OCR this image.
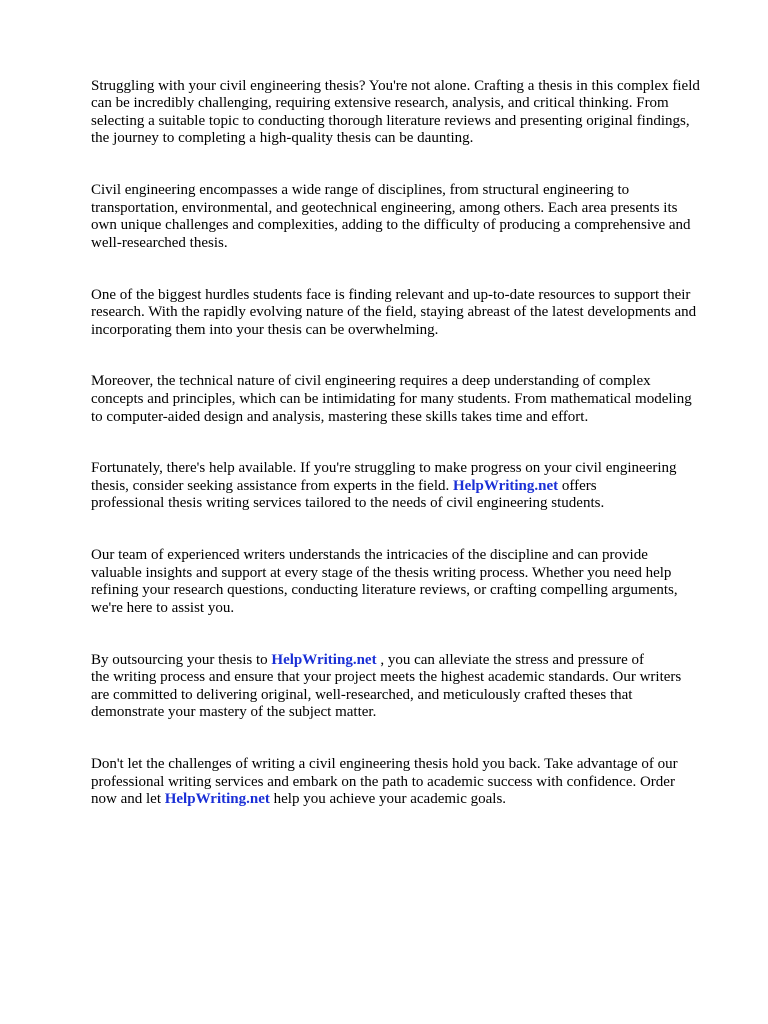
Struggling with your civil engineering thesis? You're not alone. Crafting a thesis in this complex field
can be incredibly challenging, requiring extensive research, analysis, and critical thinking. From
selecting a suitable topic to conducting thorough literature reviews and presenting original findings,
the journey to completing a high-quality thesis can be daunting.

Civil engineering encompasses a wide range of disciplines, from structural engineering to
transportation, environmental, and geotechnical engineering, among others. Each area presents its
own unique challenges and complexities, adding to the difficulty of producing a comprehensive and
well-researched thesis.

One of the biggest hurdles students face is finding relevant and up-to-date resources to support their
research. With the rapidly evolving nature of the field, staying abreast of the latest developments and
incorporating them into your thesis can be overwhelming.

Moreover, the technical nature of civil engineering requires a deep understanding of complex
concepts and principles, which can be intimidating for many students. From mathematical modeling
to computer-aided design and analysis, mastering these skills takes time and effort.

Fortunately, there's help available. If you're struggling to make progress on your civil engineering
thesis, consider seeking assistance from experts in the field. HelpWriting.net offers
professional thesis writing services tailored to the needs of civil engineering students.

Our team of experienced writers understands the intricacies of the discipline and can provide
valuable insights and support at every stage of the thesis writing process. Whether you need help
refining your research questions, conducting literature reviews, or crafting compelling arguments,
we're here to assist you.

By outsourcing your thesis to HelpWriting.net , you can alleviate the stress and pressure of
the writing process and ensure that your project meets the highest academic standards. Our writers
are committed to delivering original, well-researched, and meticulously crafted theses that
demonstrate your mastery of the subject matter.

Don't let the challenges of writing a civil engineering thesis hold you back. Take advantage of our
professional writing services and embark on the path to academic success with confidence. Order
now and let HelpWriting.net help you achieve your academic goals.
